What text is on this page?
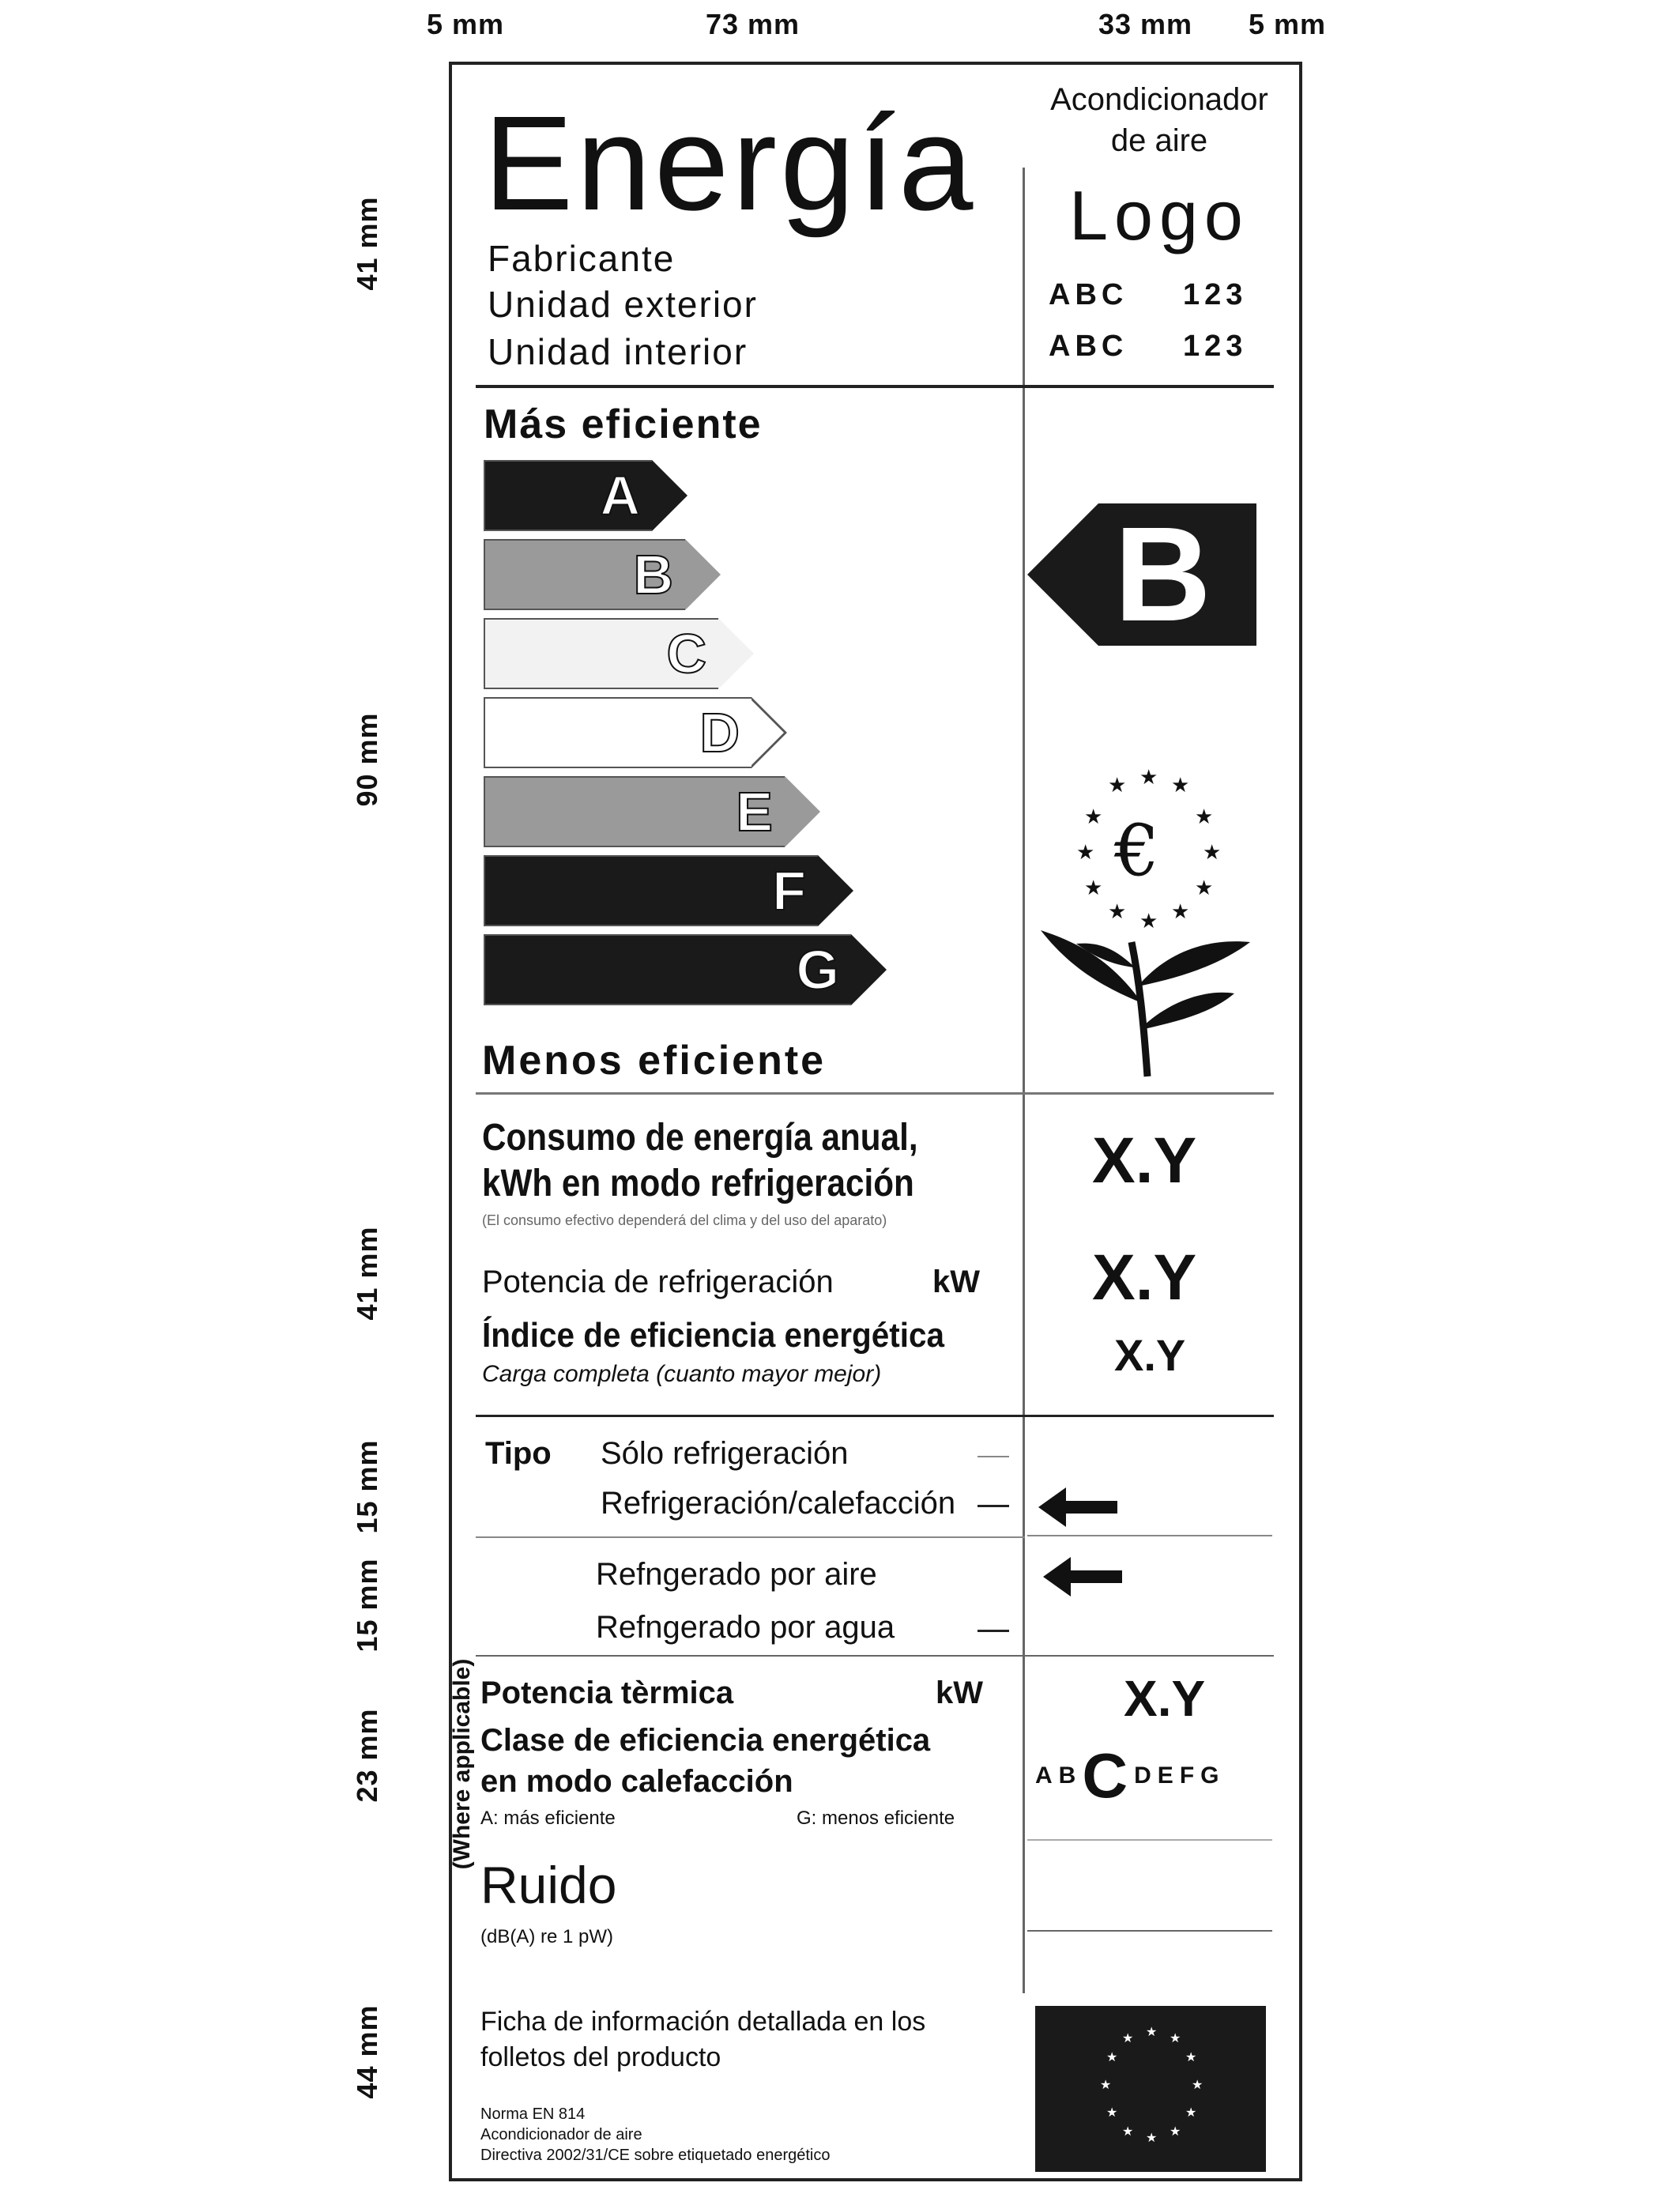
5 mm	73 mm	33 mm 5 mm
41 mm
90 mm
41 mm
15 mm
15 mm
23 mm
44 mm
(Where applicable)
Energía	Acondicionador
de aire
Fabricante
Unidad exterior
Unidad interior
Logo
ABC 123
ABC 123
Más eficiente
A
B
C
D
E
F
G
Menos eficiente
B
★ ★
★
★
★
★
★
★
★
★
★ ★
€
Consumo de energía anual,
kWh en modo refrigeración
(El consumo efectivo dependerá del clima y del uso del aparato)
X.Y
Potencia de refrigeración	kW X.Y
Índice de eficiencia energética
Carga completa (cuanto mayor mejor)	X.Y
Tipo Sólo refrigeración
Refrigeración/calefacción
Refngerado por aire
Refngerado por agua
Potencia tèrmica	kW	X.Y
Clase de eficiencia energética
en modo calefacción
A: más eficiente	G: menos eficiente
A B C D E F G
Ruido
(dB(A) re 1 pW)
Ficha de información detallada en los
folletos del producto
Norma EN 814
Acondicionador de aire
Directiva 2002/31/CE sobre etiquetado energético
★ ★
★
★
★
★
★
★
★
★
★ ★
